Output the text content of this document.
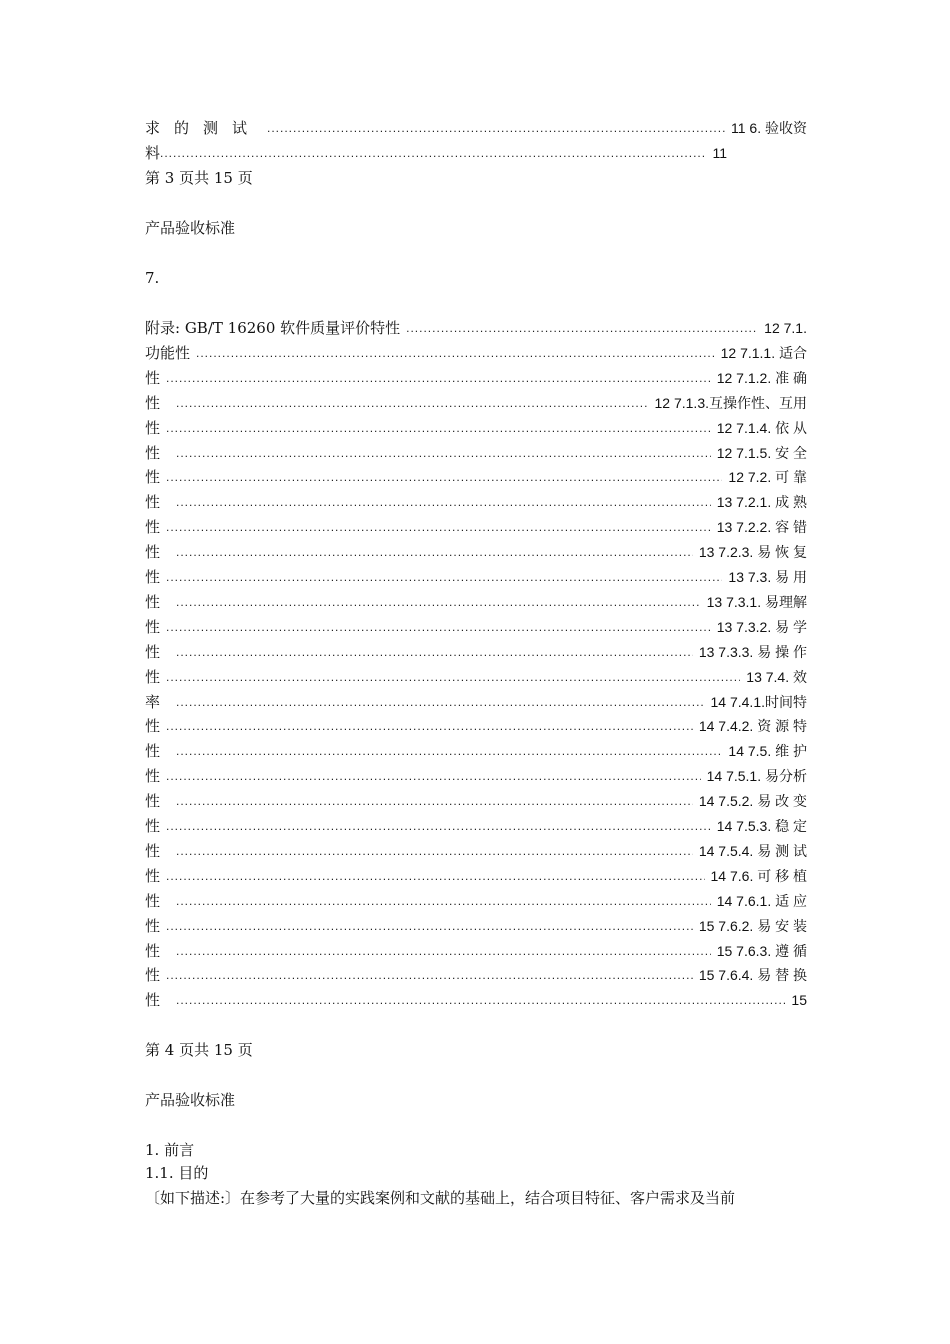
求的测试 .....	11 6. 验收资
料 .....	11
第 3 页共 15 页
产品验收标准
7.
附录: GB/T 16260 软件质量评价特性 .....	12 7.1.
功能性 .....	12 7.1.1. 适合
性 .....	12 7.1.2. 准 确
性 .....	12 7.1.3.互操作性、互用
性 .....	12 7.1.4. 依 从
性 .....	12 7.1.5. 安 全
性 .....	12 7.2. 可 靠
性 .....	13 7.2.1. 成 熟
性 .....	13 7.2.2. 容 错
性 .....	13 7.2.3. 易 恢 复
性 .....	13 7.3. 易 用
性 .....	13 7.3.1. 易理解
性 .....	13 7.3.2. 易 学
性 .....	13 7.3.3. 易 操 作
性 .....	13 7.4. 效
率 .....	14 7.4.1.时间特
性 .....	14 7.4.2. 资 源 特
性 .....	14 7.5. 维 护
性 .....	14 7.5.1. 易分析
性 .....	14 7.5.2. 易 改 变
性 .....	14 7.5.3. 稳 定
性 .....	14 7.5.4. 易 测 试
性 .....	14 7.6. 可 移 植
性 .....	14 7.6.1. 适 应
性 .....	15 7.6.2. 易 安 装
性 .....	15 7.6.3. 遵 循
性 .....	15 7.6.4. 易 替 换
性 .....	15
第 4 页共 15 页
产品验收标准
1. 前言
1.1. 目的
〔如下描述:〕在参考了大量的实践案例和文献的基础上，结合项目特征、客户需求及当前
